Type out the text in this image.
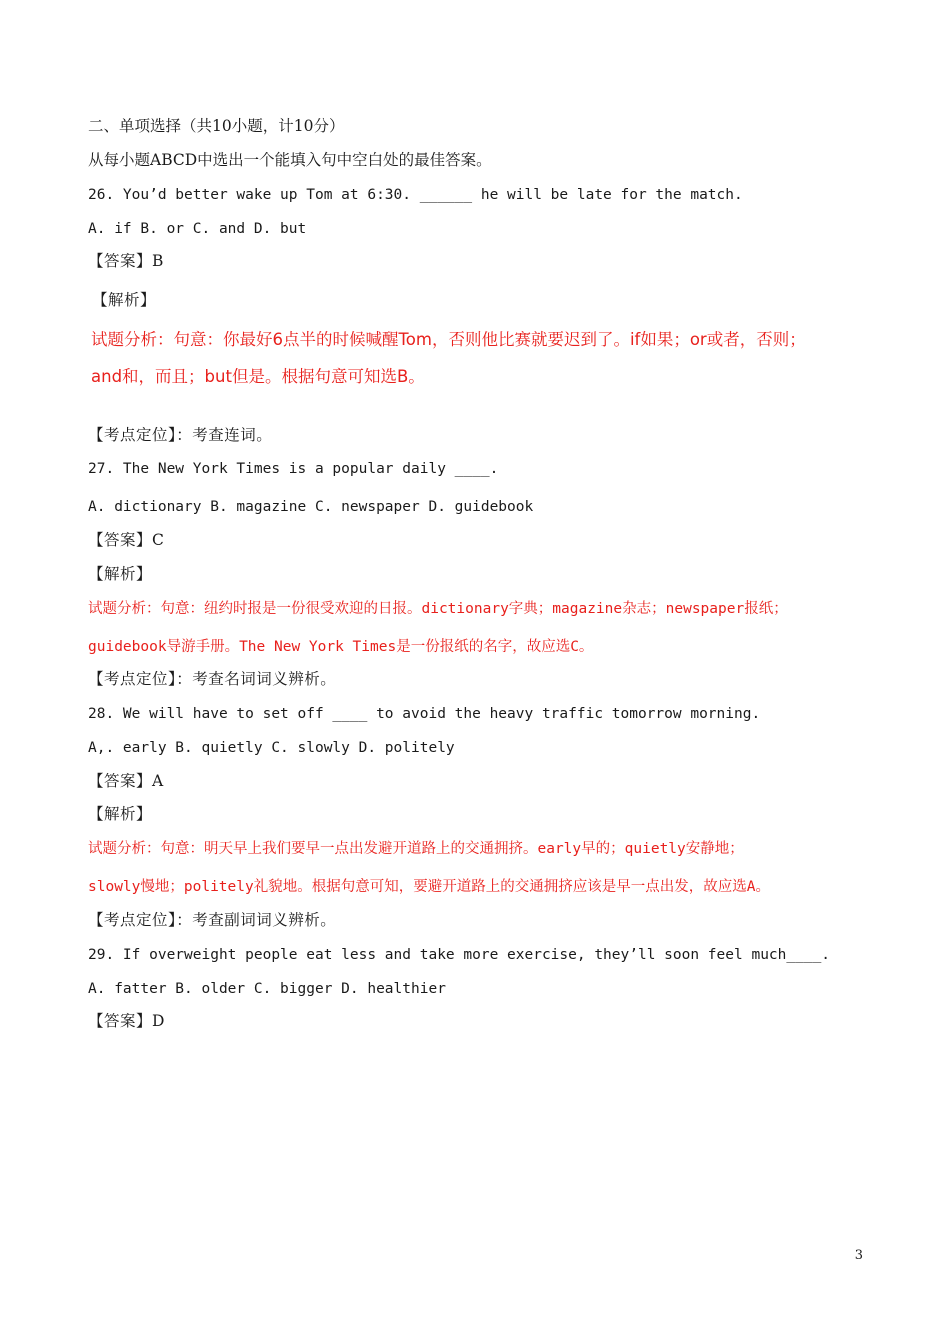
二、单项选择（共10小题，计10分）
从每小题ABCD中选出一个能填入句中空白处的最佳答案。
26. You’d better wake up Tom at 6:30. ______ he will be late for the match.
A. if B. or C. and D. but
【答案】B
【解析】
试题分析：句意：你最好6点半的时候喊醒Tom，否则他比赛就要迟到了。if如果；or或者，否则；
and和，而且；but但是。根据句意可知选B。
【考点定位】：考查连词。
27. The New York Times is a popular daily ____.
A. dictionary B. magazine C. newspaper D. guidebook
【答案】C
【解析】
试题分析：句意：纽约时报是一份很受欢迎的日报。dictionary字典；magazine杂志；newspaper报纸；
guidebook导游手册。The New York Times是一份报纸的名字，故应选C。
【考点定位】：考查名词词义辨析。
28. We will have to set off ____ to avoid the heavy traffic tomorrow morning.
A,. early B. quietly C. slowly D. politely
【答案】A
【解析】
试题分析：句意：明天早上我们要早一点出发避开道路上的交通拥挤。early早的；quietly安静地；
slowly慢地；politely礼貌地。根据句意可知，要避开道路上的交通拥挤应该是早一点出发，故应选A。
【考点定位】：考查副词词义辨析。
29. If overweight people eat less and take more exercise, they’ll soon feel much____.
A. fatter B. older C. bigger D. healthier
【答案】D
3
